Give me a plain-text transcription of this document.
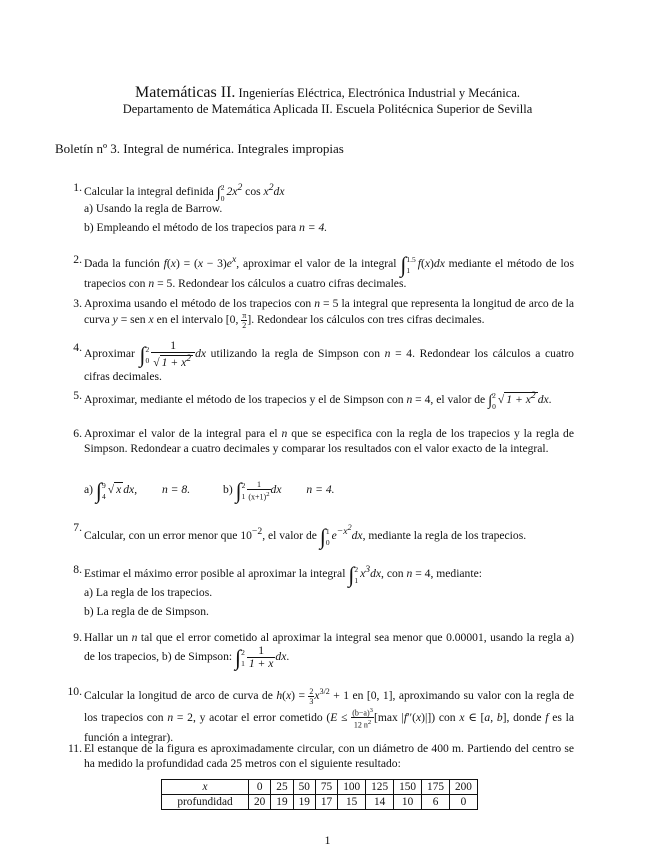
Matemáticas II. Ingenierías Eléctrica, Electrónica Industrial y Mecánica.
Departamento de Matemática Aplicada II. Escuela Politécnica Superior de Sevilla
Boletín nº 3. Integral de numérica. Integrales impropias
1. Calcular la integral definida ∫ 2
0
$2x^2$ $\cos x^2dx$
a) Usando la regla de Barrow.
b) Empleando el método de los trapecios para n = 4.
2. Dada la función $f(x) = (x - 3)e^x$, aproximar el valor de la integral ∫ 1.5
1
f(x)dx mediante el método de los trapecios con n = 5. Redondear los cálculos a cuatro cifras decimales.
3. Aproxima usando el método de los trapecios con n = 5 la integral que representa la longitud de arco de la curva y = sen x en el intervalo [0, $\frac{\pi}{2}$ ]. Redondear los cálculos con tres cifras decimales.
4. Aproximar ∫ 2
$0 \frac{1}{√ 1 + x^2}$ dx utilizando la regla de Simpson con n = 4. Redondear los cálculos a cuatro cifras decimales.
5. Aproximar, mediante el método de los trapecios y el de Simpson con n = 4, el valor de ∫ 2
0
√ $1 + x^2$ dx.
6. Aproximar el valor de la integral para el n que se especifica con la regla de los trapecios y la regla de Simpson. Redondear a cuatro decimales y comparar los resultados con el valor exacto de la integral.
a) ∫ 9
4
√ x dx, n = 8.	b) ∫ 2
$1 \frac{1}{(x+1)^2}$ dx n = 4.
7.
Calcular, con un error menor que $10^{-2}$, el valor de ∫ 1
0
$e^{-x^2}dx$, mediante la regla de los trapecios.
8. Estimar el máximo error posible al aproximar la integral ∫ 2
1
$x^3dx$, con n = 4, mediante:
a) La regla de los trapecios.
b) La regla de de Simpson.
9. Hallar un n tal que el error cometido al aproximar la integral sea menor que 0.00001, usando la regla a) de los trapecios, b) de Simpson: ∫ 2
$1 \frac{1}{1 + x}$ dx.
10. Calcular la longitud de arco de curva de $h(x) = \frac{2}{3} x^{3/2} + 1$ en [0, 1], aproximando su valor con la regla de los trapecios con n = 2, y acotar el error cometido ($E \le \frac{(b-a)^3}{12 n^2} [\max$ |f′′(x)|]) con x ∈ [a, b], donde f es la función a integrar).
11. El estanque de la figura es aproximadamente circular, con un diámetro de 400 m. Partiendo del centro se ha medido la profundidad cada 25 metros con el siguiente resultado:
x	0	25	50	75	100	125	150	175	200
profundidad	20	19	19	17	15	14	10	6	0
1
